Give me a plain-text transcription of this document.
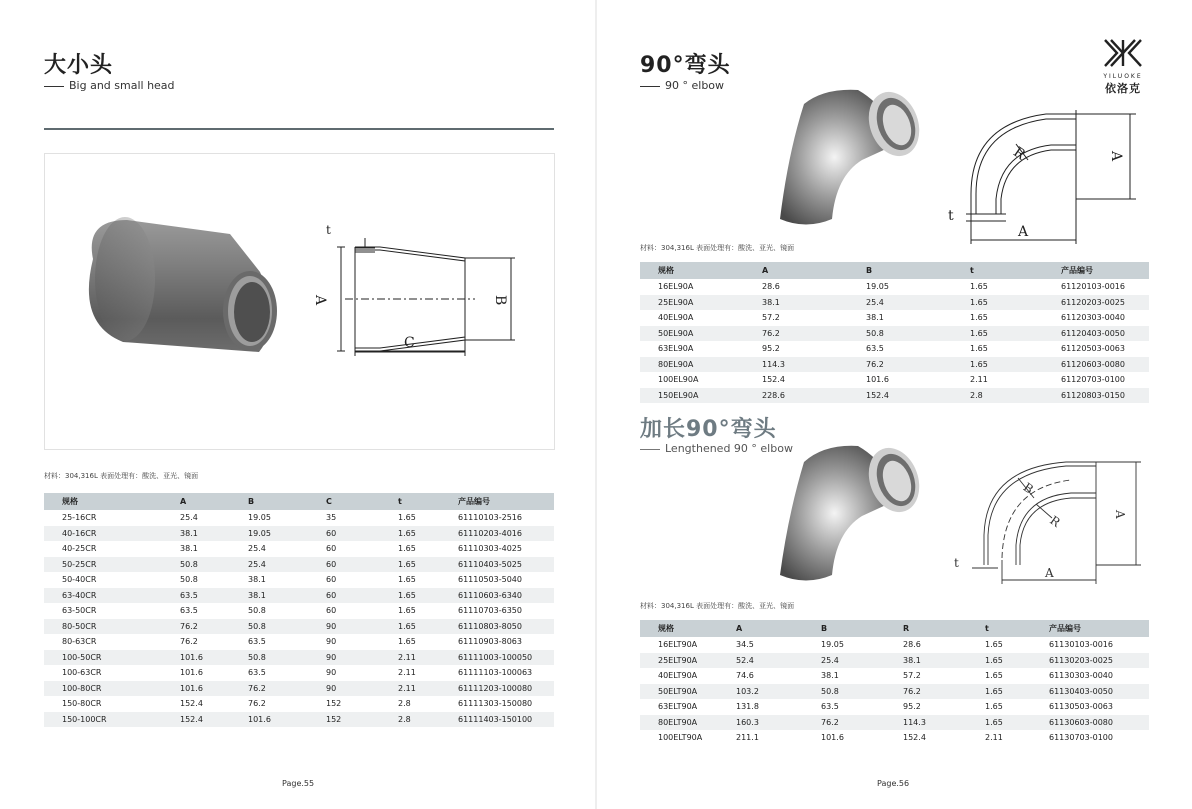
大小头
Big and small head
t
A	B
C
材料：304,316L 表面处理有：酸洗、亚光、镜面
规格	A	B	C	t	产品编号
25-16CR	25.4	19.05	35	1.65	61110103-2516
40-16CR	38.1	19.05	60	1.65	61110203-4016
40-25CR	38.1	25.4	60	1.65	61110303-4025
50-25CR	50.8	25.4	60	1.65	61110403-5025
50-40CR	50.8	38.1	60	1.65	61110503-5040
63-40CR	63.5	38.1	60	1.65	61110603-6340
63-50CR	63.5	50.8	60	1.65	61110703-6350
80-50CR	76.2	50.8	90	1.65	61110803-8050
80-63CR	76.2	63.5	90	1.65	61110903-8063
100-50CR	101.6	50.8	90	2.11	61111003-100050
100-63CR	101.6	63.5	90	2.11	61111103-100063
100-80CR	101.6	76.2	90	2.11	61111203-100080
150-80CR	152.4	76.2	152	2.8	61111303-150080
150-100CR	152.4	101.6	152	2.8	61111403-150100

Page.55
90°弯头
90 ° elbow
YILUOKE
依洛克
R	A
A
t
材料：304,316L 表面处理有：酸洗、亚光、镜面
规格	A	B	t	产品编号
16EL90A	28.6	19.05	1.65	61120103-0016
25EL90A	38.1	25.4	1.65	61120203-0025
40EL90A	57.2	38.1	1.65	61120303-0040
50EL90A	76.2	50.8	1.65	61120403-0050
63EL90A	95.2	63.5	1.65	61120503-0063
80EL90A	114.3	76.2	1.65	61120603-0080
100EL90A	152.4	101.6	2.11	61120703-0100
150EL90A	228.6	152.4	2.8	61120803-0150
加长90°弯头
Lengthened 90 ° elbow
B
R	A
A
t
材料：304,316L 表面处理有：酸洗、亚光、镜面
规格	A	B	R	t	产品编号
16ELT90A	34.5	19.05	28.6	1.65	61130103-0016
25ELT90A	52.4	25.4	38.1	1.65	61130203-0025
40ELT90A	74.6	38.1	57.2	1.65	61130303-0040
50ELT90A	103.2	50.8	76.2	1.65	61130403-0050
63ELT90A	131.8	63.5	95.2	1.65	61130503-0063
80ELT90A	160.3	76.2	114.3	1.65	61130603-0080
100ELT90A	211.1	101.6	152.4	2.11	61130703-0100
Page.56
